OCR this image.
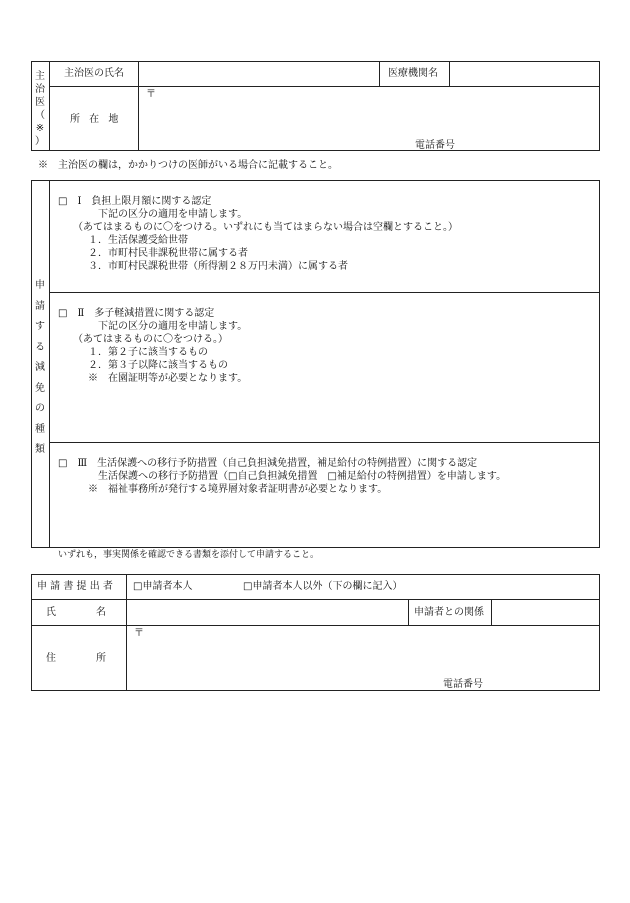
主
治
医
（
※
）
主治医の氏名	医療機関名
所 在 地
〒
電話番号
※　主治医の欄は，かかりつけの医師がいる場合に記載すること。
申
請
す
る
減
免
の
種
類
□　Ⅰ　負担上限月額に関する認定
　　　　下記の区分の適用を申請します。
　　（あてはまるものに〇をつける。いずれにも当てはまらない場合は空欄とすること。）
　　　１．生活保護受給世帯
　　　２．市町村民非課税世帯に属する者
　　　３．市町村民課税世帯（所得割２８万円未満）に属する者
□　Ⅱ　多子軽減措置に関する認定
　　　　下記の区分の適用を申請します。
　　（あてはまるものに〇をつける。）
　　　１．第２子に該当するもの
　　　２．第３子以降に該当するもの
　　　※　在園証明等が必要となります。
□　Ⅲ　生活保護への移行予防措置（自己負担減免措置，補足給付の特例措置）に関する認定
　　　　生活保護への移行予防措置（□自己負担減免措置　□補足給付の特例措置）を申請します。
　　　※　福祉事務所が発行する境界層対象者証明書が必要となります。
いずれも，事実関係を確認できる書類を添付して申請すること。
申 請 書 提 出 者 □申請者本人	□申請者本人以外（下の欄に記入）
氏　　　　名	申請者との関係
住　　　　所
〒
電話番号
